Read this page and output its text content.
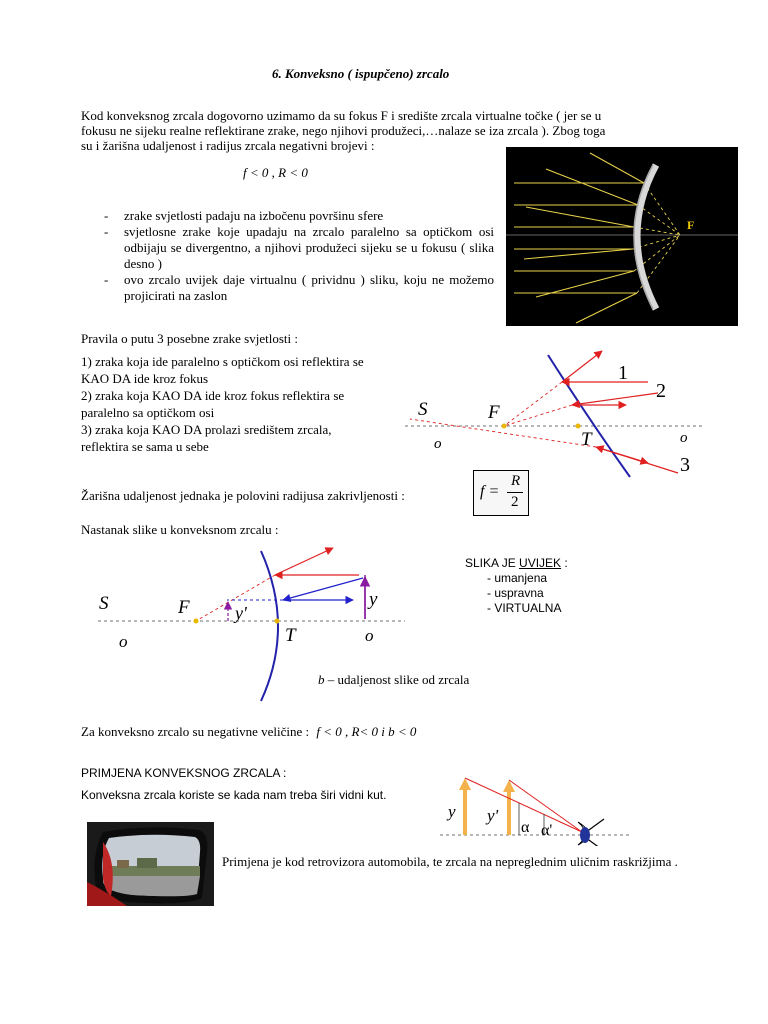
6. Konveksno ( ispupčeno) zrcalo
Kod konveksnog zrcala dogovorno uzimamo da su fokus F i središte zrcala virtualne točke ( jer se u
fokusu ne sijeku realne reflektirane zrake, nego njihovi produžeci,…nalaze se iza zrcala ). Zbog toga
su i žarišna udaljenost i radijus zrcala negativni brojevi :
f < 0 , R < 0
- zrake svjetlosti padaju na izbočenu površinu sfere
- svjetlosne zrake koje upadaju na zrcalo paralelno sa optičkom osi odbijaju se divergentno, a njihovi produžeci sijeku se u fokusu ( slika desno )
- ovo zrcalo uvijek daje virtualnu ( prividnu ) sliku, koju ne možemo projicirati na zaslon
F
Pravila o putu 3 posebne zrake svjetlosti :
1) zraka koja ide paralelno s optičkom osi reflektira se
KAO DA ide kroz fokus
2) zraka koja KAO DA ide kroz fokus reflektira se
paralelno sa optičkom osi
3) zraka koja KAO DA prolazi središtem zrcala,
reflektira se sama u sebe
S	F
T
o	o
1
2
3
Žarišna udaljenost jednaka je polovini radijusa zakrivljenosti :	f =
R
2
Nastanak slike u konveksnom zrcalu :
S	F
T
y
y'
o	o
SLIKA JE UVIJEK :
- umanjena
- uspravna
- VIRTUALNA
b – udaljenost slike od zrcala
Za konveksno zrcalo su negativne veličine : f < 0 , R< 0 i b < 0
PRIMJENA KONVEKSNOG ZRCALA :
Konveksna zrcala koriste se kada nam treba širi vidni kut.
y y'
α α'
Primjena je kod retrovizora automobila, te zrcala na nepreglednim uličnim raskrižjima .
